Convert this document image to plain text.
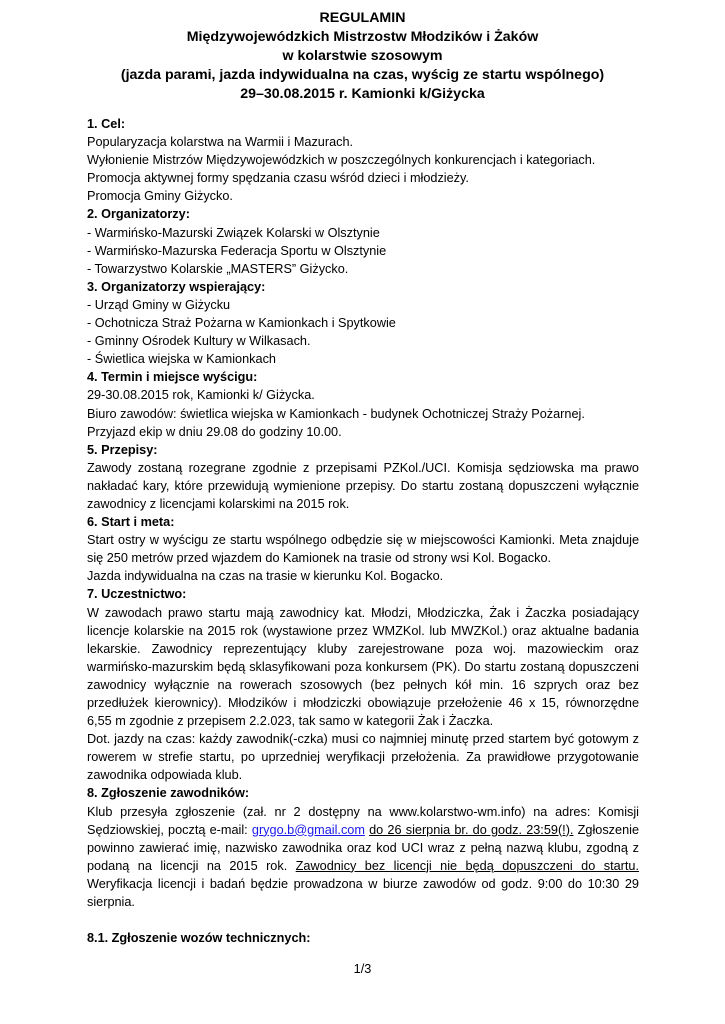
REGULAMIN
Międzywojewódzkich Mistrzostw Młodzików i Żaków
w kolarstwie szosowym
(jazda parami, jazda indywidualna na czas, wyścig ze startu wspólnego)
29–30.08.2015 r. Kamionki k/Giżycka

1. Cel:

Popularyzacja kolarstwa na Warmii i Mazurach.

Wyłonienie Mistrzów Międzywojewódzkich w poszczególnych konkurencjach i kategoriach.

Promocja aktywnej formy spędzania czasu wśród dzieci i młodzieży.

Promocja Gminy Giżycko.

2. Organizatorzy:

- Warmińsko-Mazurski Związek Kolarski w Olsztynie

- Warmińsko-Mazurska Federacja Sportu w Olsztynie

- Towarzystwo Kolarskie „MASTERS” Giżycko.

3. Organizatorzy wspierający:

- Urząd Gminy w Giżycku

- Ochotnicza Straż Pożarna w Kamionkach i Spytkowie

- Gminny Ośrodek Kultury w Wilkasach.

- Świetlica wiejska w Kamionkach

4. Termin i miejsce wyścigu:

29-30.08.2015 rok, Kamionki k/ Giżycka.

Biuro zawodów: świetlica wiejska w Kamionkach - budynek Ochotniczej Straży Pożarnej.

Przyjazd ekip w dniu 29.08 do godziny 10.00.

5. Przepisy:

Zawody zostaną rozegrane zgodnie z przepisami PZKol./UCI. Komisja sędziowska ma prawo nakładać kary, które przewidują wymienione przepisy. Do startu zostaną dopuszczeni wyłącznie zawodnicy z licencjami kolarskimi na 2015 rok.

6. Start i meta:

Start ostry w wyścigu ze startu wspólnego odbędzie się w miejscowości Kamionki. Meta znajduje się 250 metrów przed wjazdem do Kamionek na trasie od strony wsi Kol. Bogacko.

Jazda indywidualna na czas na trasie w kierunku Kol. Bogacko.

7. Uczestnictwo:

W zawodach prawo startu mają zawodnicy kat. Młodzi, Młodziczka, Żak i Żaczka posiadający licencje kolarskie na 2015 rok (wystawione przez WMZKol. lub MWZKol.) oraz aktualne badania lekarskie. Zawodnicy reprezentujący kluby zarejestrowane poza woj. mazowieckim oraz warmińsko-mazurskim będą sklasyfikowani poza konkursem (PK). Do startu zostaną dopuszczeni zawodnicy wyłącznie na rowerach szosowych (bez pełnych kół min. 16 szprych oraz bez przedłużek kierownicy). Młodzików i młodziczki obowiązuje przełożenie 46 x 15, równorzędne 6,55 m zgodnie z przepisem 2.2.023, tak samo w kategorii Żak i Żaczka.

Dot. jazdy na czas: każdy zawodnik(-czka) musi co najmniej minutę przed startem być gotowym z rowerem w strefie startu, po uprzedniej weryfikacji przełożenia. Za prawidłowe przygotowanie zawodnika odpowiada klub.

8. Zgłoszenie zawodników:

Klub przesyła zgłoszenie (zał. nr 2 dostępny na www.kolarstwo-wm.info) na adres: Komisji Sędziowskiej, pocztą e-mail: grygo.b@gmail.com do 26 sierpnia br. do godz. 23:59(!). Zgłoszenie powinno zawierać imię, nazwisko zawodnika oraz kod UCI wraz z pełną nazwą klubu, zgodną z podaną na licencji na 2015 rok. Zawodnicy bez licencji nie będą dopuszczeni do startu. Weryfikacja licencji i badań będzie prowadzona w biurze zawodów od godz. 9:00 do 10:30 29 sierpnia.

8.1. Zgłoszenie wozów technicznych:

1/3
